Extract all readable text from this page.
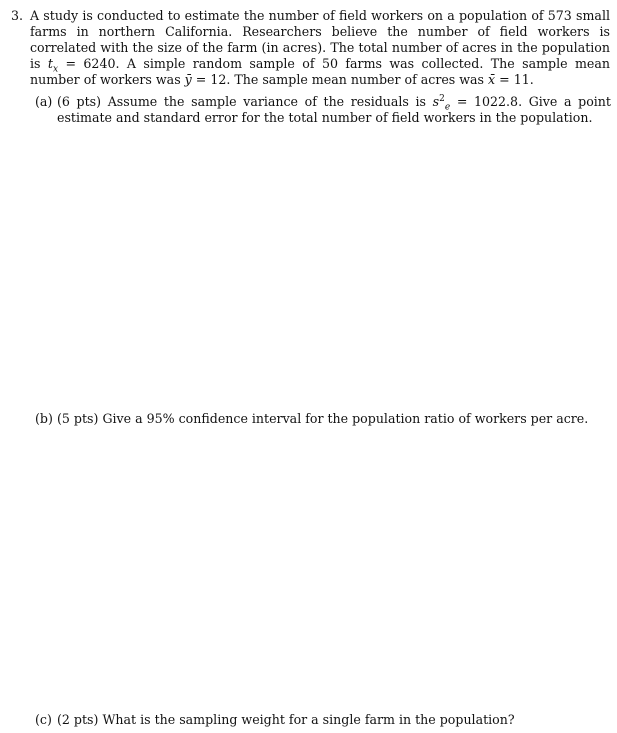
3. A study is conducted to estimate the number of field workers on a population of 573 small farms in northern California. Researchers believe the number of field workers is correlated with the size of the farm (in acres). The total number of acres in the population is $t_x = 6240$. A simple random sample of 50 farms was collected. The sample mean number of workers was ȳ = 12. The sample mean number of acres was x̄ = 11.
(a) (6 pts) Assume the sample variance of the residuals is $s^2_e = 1022.8$. Give a point estimate and standard error for the total number of field workers in the population.
(b) (5 pts) Give a 95% confidence interval for the population ratio of workers per acre.
(c) (2 pts) What is the sampling weight for a single farm in the population?
